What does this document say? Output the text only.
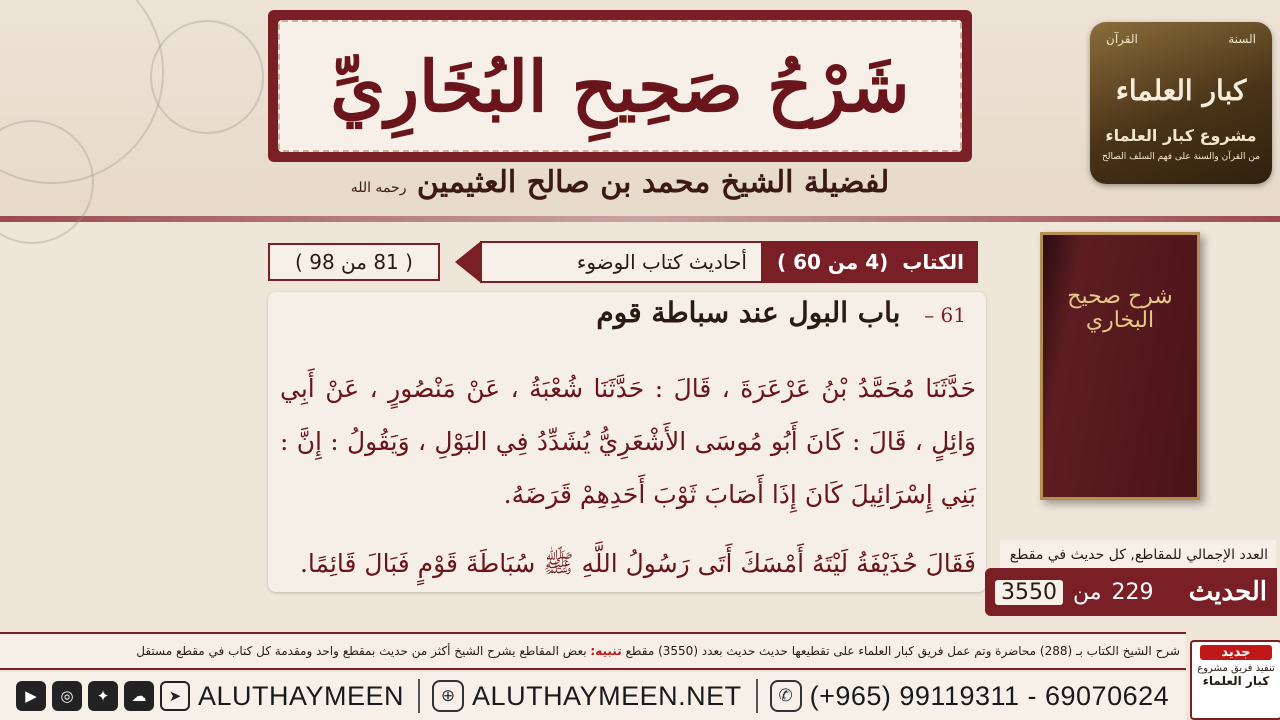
شَرْحُ صَحِيحِ البُخَارِيِّ
لفضيلة الشيخ محمد بن صالح العثيمين رحمه الله
السنة
القرآن
كبار العلماء
مشروع كبار العلماء
من القرآن والسنة على فهم السلف الصالح
شرح صحيح البخاري
الكتاب

(4 ﻣﻦ 60 )
أحاديث كتاب الوضوء
( 81 ﻣﻦ 98 )
61 – باب البول عند سباطة قوم
حَدَّثَنَا مُحَمَّدُ بْنُ عَرْعَرَةَ ، قَالَ : حَدَّثَنَا شُعْبَةُ ، عَنْ مَنْصُورٍ ، عَنْ أَبِي وَائِلٍ ، قَالَ : كَانَ أَبُو مُوسَى الأَشْعَرِيُّ يُشَدِّدُ فِي البَوْلِ ، وَيَقُولُ : إِنَّ : بَنِي إِسْرَائِيلَ كَانَ إِذَا أَصَابَ ثَوْبَ أَحَدِهِمْ قَرَضَهُ.
فَقَالَ حُذَيْفَةُ لَيْتَهُ أَمْسَكَ أَتَى رَسُولُ اللَّهِ ﷺ سُبَاطَةَ قَوْمٍ فَبَالَ قَائِمًا.	العدد الإجمالي للمقاطع, كل حديث في مقطع
الحديث
229
ﻣﻦ
3550
شرح الشيخ الكتاب بـ (288) محاضرة وتم عمل فريق كبار العلماء على تقطيعها حديث حديث بعدد (3550) مقطع تنبيه: بعض المقاطع يشرح الشيخ أكثر من حديث بمقطع واحد ومقدمة كل كتاب في مقطع مستقل	جديد
تنفيذ فريق مشروع
كبار العلماء
▶	◎	✦	☁	➤ ALUTHAYMEEN	⊕ ALUTHAYMEEN.NET	✆ (+965) 99119311 - 69070624
